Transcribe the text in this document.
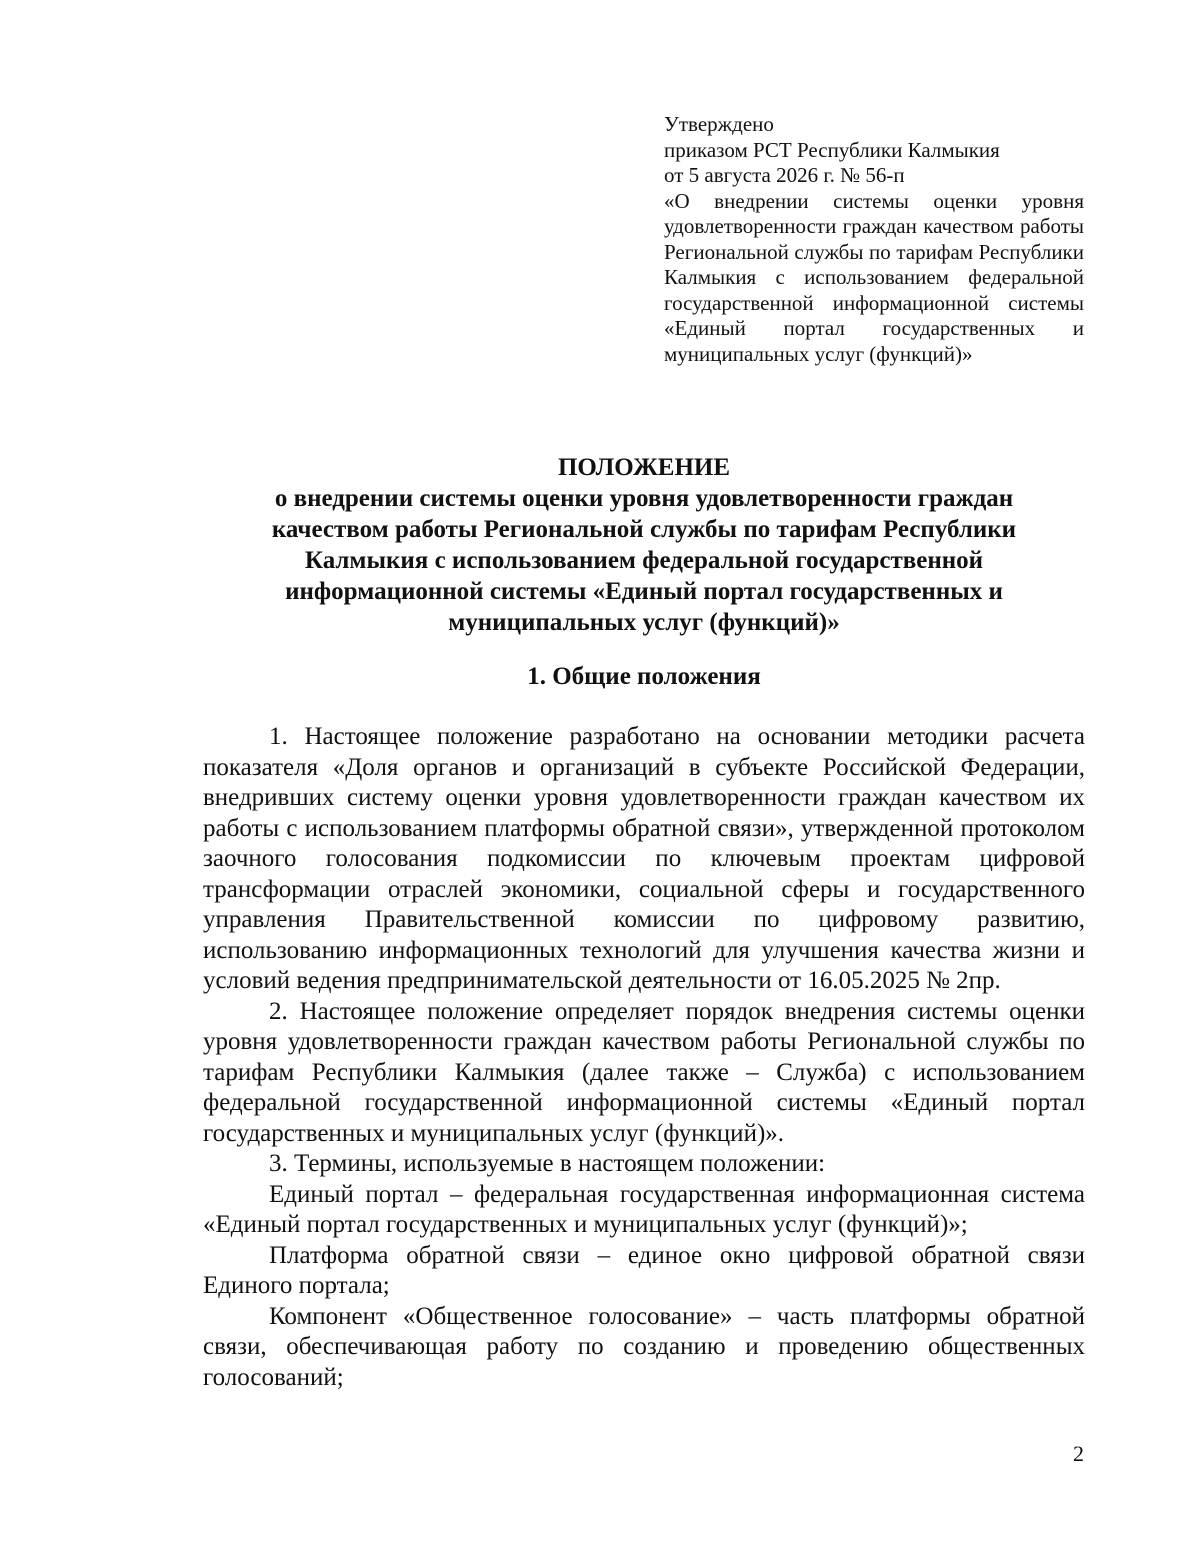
Утверждено
приказом РСТ Республики Калмыкия
от 5 августа 2026 г. № 56-п
«О внедрении системы оценки уровня удовлетворенности граждан качеством работы Региональной службы по тарифам Республики Калмыкия с использованием федеральной государственной информационной системы «Единый портал государственных и муниципальных услуг (функций)»
ПОЛОЖЕНИЕ
о внедрении системы оценки уровня удовлетворенности граждан качеством работы Региональной службы по тарифам Республики Калмыкия с использованием федеральной государственной информационной системы «Единый портал государственных и муниципальных услуг (функций)»
1. Общие положения

1. Настоящее положение разработано на основании методики расчета показателя «Доля органов и организаций в субъекте Российской Федерации, внедривших систему оценки уровня удовлетворенности граждан качеством их работы с использованием платформы обратной связи», утвержденной протоколом заочного голосования подкомиссии по ключевым проектам цифровой трансформации отраслей экономики, социальной сферы и государственного управления Правительственной комиссии по цифровому развитию, использованию информационных технологий для улучшения качества жизни и условий ведения предпринимательской деятельности от 16.05.2025 № 2пр.

2. Настоящее положение определяет порядок внедрения системы оценки уровня удовлетворенности граждан качеством работы Региональной службы по тарифам Республики Калмыкия (далее также – Служба) с использованием федеральной государственной информационной системы «Единый портал государственных и муниципальных услуг (функций)».

3. Термины, используемые в настоящем положении:

Единый портал – федеральная государственная информационная система «Единый портал государственных и муниципальных услуг (функций)»;

Платформа обратной связи – единое окно цифровой обратной связи Единого портала;

Компонент «Общественное голосование» – часть платформы обратной связи, обеспечивающая работу по созданию и проведению общественных голосований;

2
